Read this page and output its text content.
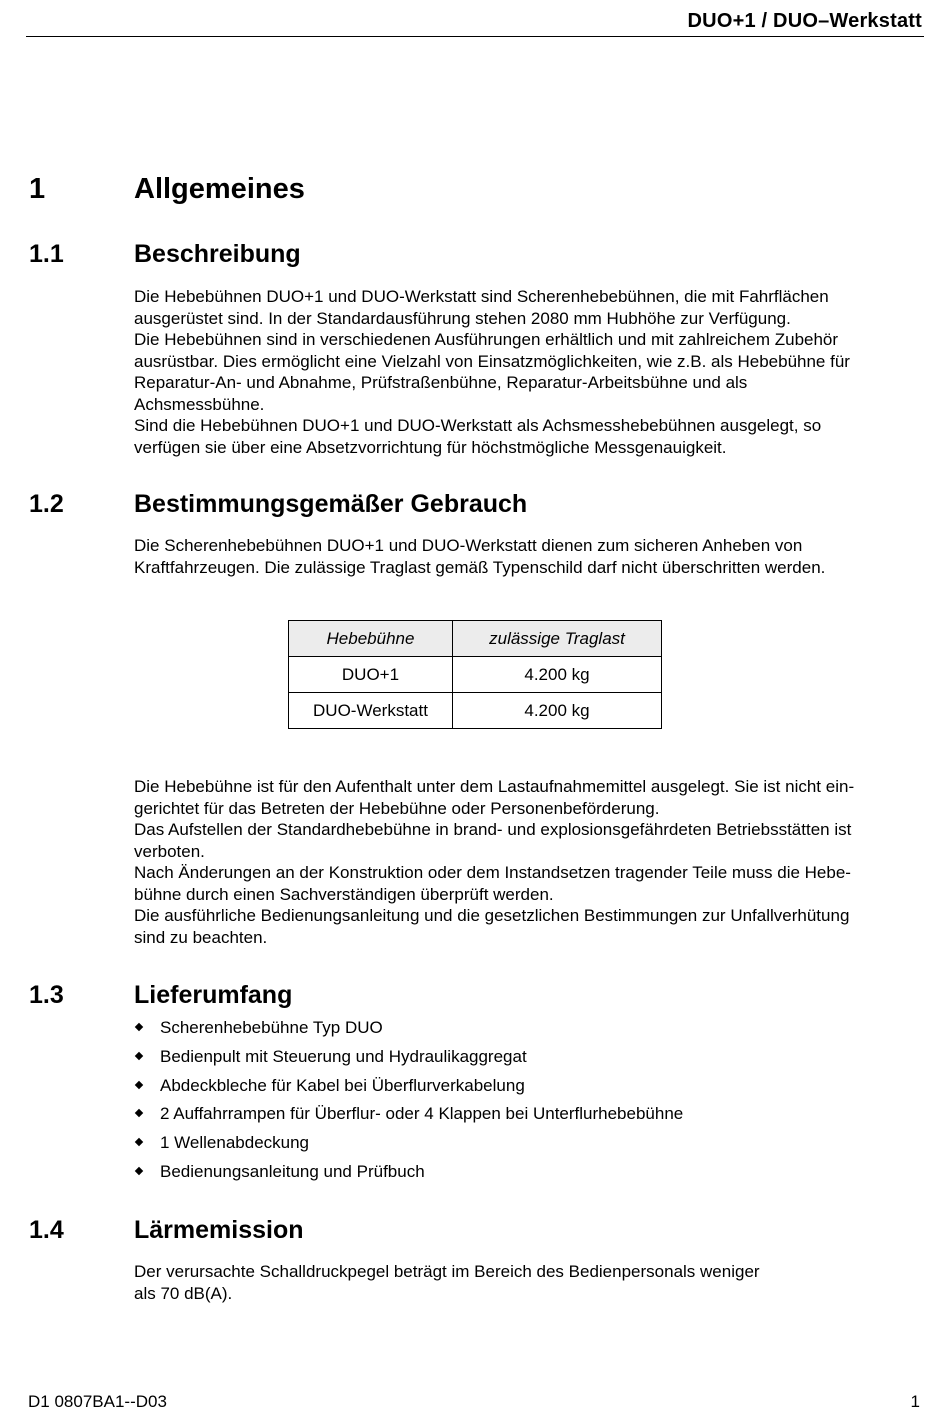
DUO+1 / DUO–Werkstatt
1	Allgemeines
1.1	Beschreibung

Die Hebebühnen DUO+1 und DUO-Werkstatt sind Scherenhebebühnen, die mit Fahrflächen

ausgerüstet sind. In der Standardausführung stehen 2080 mm Hubhöhe zur Verfügung.

Die Hebebühnen sind in verschiedenen Ausführungen erhältlich und mit zahlreichem Zubehör

ausrüstbar. Dies ermöglicht eine Vielzahl von Einsatzmöglichkeiten, wie z.B. als Hebebühne für

Reparatur-An- und Abnahme, Prüfstraßenbühne, Reparatur-Arbeitsbühne und als

Achsmessbühne.

Sind die Hebebühnen DUO+1 und DUO-Werkstatt als Achsmesshebebühnen ausgelegt, so

verfügen sie über eine Absetzvorrichtung für höchstmögliche Messgenauigkeit.

1.2	Bestimmungsgemäßer Gebrauch

Die Scherenhebebühnen DUO+1 und DUO-Werkstatt dienen zum sicheren Anheben von

Kraftfahrzeugen. Die zulässige Traglast gemäß Typenschild darf nicht überschritten werden.

Hebebühne	zulässige Traglast
DUO+1	4.200 kg
DUO-Werkstatt	4.200 kg

Die Hebebühne ist für den Aufenthalt unter dem Lastaufnahmemittel ausgelegt. Sie ist nicht ein-

gerichtet für das Betreten der Hebebühne oder Personenbeförderung.

Das Aufstellen der Standardhebebühne in brand- und explosionsgefährdeten Betriebsstätten ist

verboten.

Nach Änderungen an der Konstruktion oder dem Instandsetzen tragender Teile muss die Hebe-

bühne durch einen Sachverständigen überprüft werden.

Die ausführliche Bedienungsanleitung und die gesetzlichen Bestimmungen zur Unfallverhütung

sind zu beachten.

1.3	Lieferumfang
Scherenhebebühne Typ DUO
Bedienpult mit Steuerung und Hydraulikaggregat
Abdeckbleche für Kabel bei Überflurverkabelung
2 Auffahrrampen für Überflur- oder 4 Klappen bei Unterflurhebebühne
1 Wellenabdeckung
Bedienungsanleitung und Prüfbuch
1.4	Lärmemission

Der verursachte Schalldruckpegel beträgt im Bereich des Bedienpersonals weniger

als 70 dB(A).

D1 0807BA1--D03	1
